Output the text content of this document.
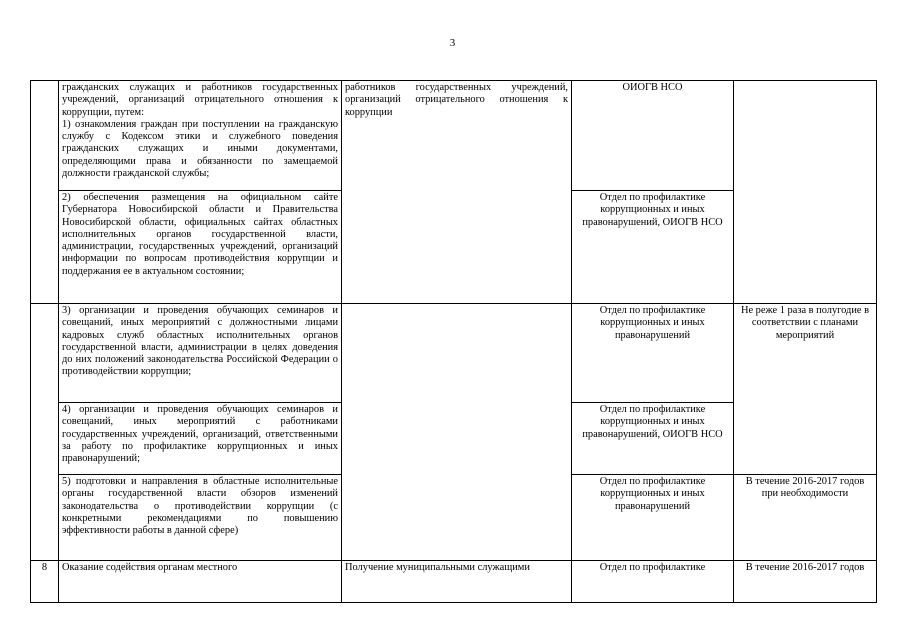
3

	гражданских служащих и работников государственных учреждений, организаций отрицательного отношения к коррупции, путем:
1) ознакомления граждан при поступлении на гражданскую службу с Кодексом этики и служебного поведения гражданских служащих и иными документами, определяющими права и обязанности по замещаемой должности гражданской службы;	работников государственных учреждений, организаций отрицательного отношения к коррупции	ОИОГВ НСО	
	2) обеспечения размещения на официальном сайте Губернатора Новосибирской области и Правительства Новосибирской области, официальных сайтах областных исполнительных органов государственной власти, администрации, государственных учреждений, организаций информации по вопросам противодействия коррупции и поддержания ее в актуальном состоянии;		Отдел по профилактике коррупционных и иных правонарушений, ОИОГВ НСО	
	3) организации и проведения обучающих семинаров и совещаний, иных мероприятий с должностными лицами кадровых служб областных исполнительных органов государственной власти, администрации в целях доведения до них положений законодательства Российской Федерации о противодействии коррупции;		Отдел по профилактике коррупционных и иных правонарушений	Не реже 1 раза в полугодие в соответствии с планами мероприятий
	4) организации и проведения обучающих семинаров и совещаний, иных мероприятий с работниками государственных учреждений, организаций, ответственными за работу по профилактике коррупционных и иных правонарушений;		Отдел по профилактике коррупционных и иных правонарушений, ОИОГВ НСО	
	5) подготовки и направления в областные исполнительные органы государственной власти обзоров изменений законодательства о противодействии коррупции (с конкретными рекомендациями по повышению эффективности работы в данной сфере)		Отдел по профилактике коррупционных и иных правонарушений	В течение 2016-2017 годов при необходимости
8	Оказание содействия органам местного	Получение муниципальными служащими	Отдел по профилактике	В течение 2016-2017 годов
